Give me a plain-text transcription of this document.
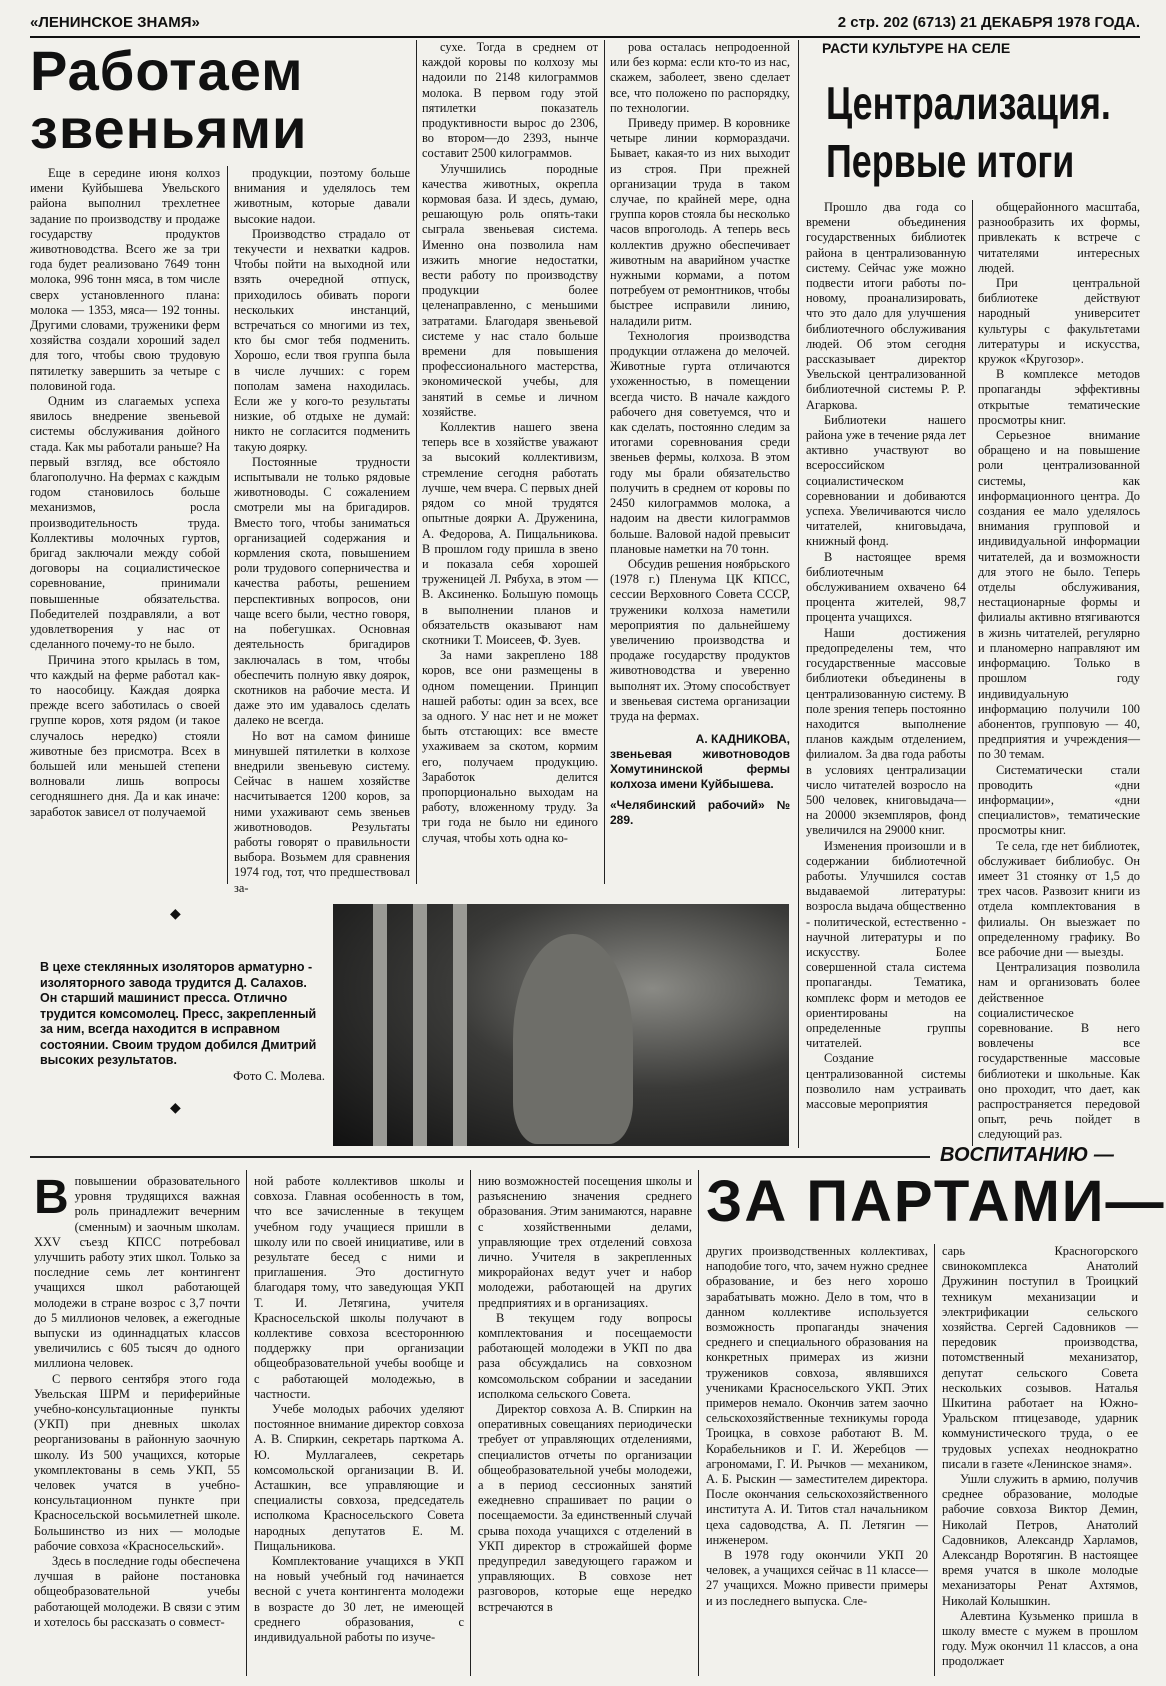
«ЛЕНИНСКОЕ ЗНАМЯ»	2 стр. 202 (6713) 21 ДЕКАБРЯ 1978 ГОДА.
Работаем
звеньями

Еще в середине июня колхоз имени Куйбышева Увельского района выполнил трехлетнее задание по производству и продаже государству продуктов животноводства. Всего же за три года будет реализовано 7649 тонн молока, 996 тонн мяса, в том числе сверх установленного плана: молока — 1353, мяса— 192 тонны. Другими словами, труженики ферм хозяйства создали хороший задел для того, чтобы свою трудовую пятилетку завершить за четыре с половиной года.

Одним из слагаемых успеха явилось внедрение звеньевой системы обслуживания дойного стада. Как мы работали раньше? На первый взгляд, все обстояло благополучно. На фермах с каждым годом становилось больше механизмов, росла производительность труда. Коллективы молочных гуртов, бригад заключали между собой договоры на социалистическое соревнование, принимали повышенные обязательства. Победителей поздравляли, а вот удовлетворения у нас от сделанного почему-то не было.

Причина этого крылась в том, что каждый на ферме работал как-то наособицу. Каждая доярка прежде всего заботилась о своей группе коров, хотя рядом (и такое случалось нередко) стояли животные без присмотра. Всех в большей или меньшей степени волновали лишь вопросы сегодняшнего дня. Да и как иначе: заработок зависел от получаемой

продукции, поэтому больше внимания и уделялось тем животным, которые давали высокие надои.

Производство страдало от текучести и нехватки кадров. Чтобы пойти на выходной или взять очередной отпуск, приходилось обивать пороги нескольких инстанций, встречаться со многими из тех, кто бы смог тебя подменить. Хорошо, если твоя группа была в числе лучших: с горем пополам замена находилась. Если же у кого-то результаты низкие, об отдыхе не думай: никто не согласится подменить такую доярку.

Постоянные трудности испытывали не только рядовые животноводы. С сожалением смотрели мы на бригадиров. Вместо того, чтобы заниматься организацией содержания и кормления скота, повышением роли трудового соперничества и качества работы, решением перспективных вопросов, они чаще всего были, честно говоря, на побегушках. Основная деятельность бригадиров заключалась в том, чтобы обеспечить полную явку доярок, скотников на рабочие места. И даже это им удавалось сделать далеко не всегда.

Но вот на самом финише минувшей пятилетки в колхозе внедрили звеньевую систему. Сейчас в нашем хозяйстве насчитывается 1200 коров, за ними ухаживают семь звеньев животноводов. Результаты работы говорят о правильности выбора. Возьмем для сравнения 1974 год, тот, что предшествовал за-

сухе. Тогда в среднем от каждой коровы по колхозу мы надоили по 2148 килограммов молока. В первом году этой пятилетки показатель продуктивности вырос до 2306, во втором—до 2393, нынче составит 2500 килограммов.

Улучшились породные качества животных, окрепла кормовая база. И здесь, думаю, решающую роль опять-таки сыграла звеньевая система. Именно она позволила нам изжить многие недостатки, вести работу по производству продукции более целенаправленно, с меньшими затратами. Благодаря звеньевой системе у нас стало больше времени для повышения профессионального мастерства, экономической учебы, для занятий в семье и личном хозяйстве.

Коллектив нашего звена теперь все в хозяйстве уважают за высокий коллективизм, стремление сегодня работать лучше, чем вчера. С первых дней рядом со мной трудятся опытные доярки А. Друженина, А. Федорова, А. Пищальникова. В прошлом году пришла в звено и показала себя хорошей труженицей Л. Рябуха, в этом — В. Аксиненко. Большую помощь в выполнении планов и обязательств оказывают нам скотники Т. Моисеев, Ф. Зуев.

За нами закреплено 188 коров, все они размещены в одном помещении. Принцип нашей работы: один за всех, все за одного. У нас нет и не может быть отстающих: все вместе ухаживаем за скотом, кормим его, получаем продукцию. Заработок делится пропорционально выходам на работу, вложенному труду. За три года не было ни единого случая, чтобы хоть одна ко-

рова осталась непродоенной или без корма: если кто-то из нас, скажем, заболеет, звено сделает все, что положено по распорядку, по технологии.

Приведу пример. В коровнике четыре линии кормораздачи. Бывает, какая-то из них выходит из строя. При прежней организации труда в таком случае, по крайней мере, одна группа коров стояла бы несколько часов впроголодь. А теперь весь коллектив дружно обеспечивает животным на аварийном участке нужными кормами, а потом потребуем от ремонтников, чтобы быстрее исправили линию, наладили ритм.

Технология производства продукции отлажена до мелочей. Животные гурта отличаются ухоженностью, в помещении всегда чисто. В начале каждого рабочего дня советуемся, что и как сделать, постоянно следим за итогами соревнования среди звеньев фермы, колхоза. В этом году мы брали обязательство получить в среднем от коровы по 2450 килограммов молока, а надоим на двести килограммов больше. Валовой надой превысит плановые наметки на 70 тонн.

Обсудив решения ноябрьского (1978 г.) Пленума ЦК КПСС, сессии Верховного Совета СССР, труженики колхоза наметили мероприятия по дальнейшему увеличению производства и продаже государству продуктов животноводства и уверенно выполнят их. Этому способствует и звеньевая система организации труда на фермах.

А. КАДНИКОВА,
звеньевая животноводов Хомутининской фермы колхоза имени Куйбышева.
«Челябинский рабочий» № 289.
◆
В цехе стеклянных изоляторов арматурно - изоляторного завода трудится Д. Салахов.
Он старший машинист пресса. Отлично трудится комсомолец. Пресс, закрепленный за ним, всегда находится в исправном состоянии. Своим трудом добился Дмитрий высоких результатов.
Фото С. Молева.
◆
РАСТИ КУЛЬТУРЕ НА СЕЛЕ
Централизация.
Первые итоги

Прошло два года со времени объединения государственных библиотек района в централизованную систему. Сейчас уже можно подвести итоги работы по-новому, проанализировать, что это дало для улучшения библиотечного обслуживания людей. Об этом сегодня рассказывает директор Увельской централизованной библиотечной системы Р. Р. Агаркова.

Библиотеки нашего района уже в течение ряда лет активно участвуют во всероссийском социалистическом соревновании и добиваются успеха. Увеличиваются число читателей, книговыдача, книжный фонд.

В настоящее время библиотечным обслуживанием охвачено 64 процента жителей, 98,7 процента учащихся.

Наши достижения предопределены тем, что государственные массовые библиотеки объединены в централизованную систему. В поле зрения теперь постоянно находится выполнение планов каждым отделением, филиалом. За два года работы в условиях централизации число читателей возросло на 500 человек, книговыдача— на 20000 экземпляров, фонд увеличился на 29000 книг.

Изменения произошли и в содержании библиотечной работы. Улучшился состав выдаваемой литературы: возросла выдача общественно - политической, естественно - научной литературы и по искусству. Более совершенной стала система пропаганды. Тематика, комплекс форм и методов ее ориентированы на определенные группы читателей.

Создание централизованной системы позволило нам устраивать массовые мероприятия

общерайонного масштаба, разнообразить их формы, привлекать к встрече с читателями интересных людей.

При центральной библиотеке действуют народный университет культуры с факультетами литературы и искусства, кружок «Кругозор».

В комплексе методов пропаганды эффективны открытые тематические просмотры книг.

Серьезное внимание обращено и на повышение роли централизованной системы, как информационного центра. До создания ее мало уделялось внимания групповой и индивидуальной информации читателей, да и возможности для этого не было. Теперь отделы обслуживания, нестационарные формы и филиалы активно втягиваются в жизнь читателей, регулярно и планомерно направляют им информацию. Только в прошлом году индивидуальную информацию получили 100 абонентов, групповую — 40, предприятия и учреждения—по 30 темам.

Систематически стали проводить «дни информации», «дни специалистов», тематические просмотры книг.

Те села, где нет библиотек, обслуживает библиобус. Он имеет 31 стоянку от 1,5 до трех часов. Развозит книги из отдела комплектования в филиалы. Он выезжает по определенному графику. Во все рабочие дни — выезды.

Централизация позволила нам и организовать более действенное социалистическое соревнование. В него вовлечены все государственные массовые библиотеки и школьные. Как оно проходит, что дает, как распространяется передовой опыт, речь пойдет в следующий раз.

ВОСПИТАНИЮ —
ЗА ПАРТАМИ—
В повышении образовательного уровня трудящихся важная роль принадлежит вечерним (сменным) и заочным школам. XXV съезд КПСС потребовал улучшить работу этих школ. Только за последние семь лет контингент учащихся школ работающей молодежи в стране возрос с 3,7 почти до 5 миллионов человек, а ежегодные выпуски из одиннадцатых классов увеличились с 605 тысяч до одного миллиона человек.

С первого сентября этого года Увельская ШРМ и периферийные учебно-консультационные пункты (УКП) при дневных школах реорганизованы в районную заочную школу. Из 500 учащихся, которые укомплектованы в семь УКП, 55 человек учатся в учебно-консультационном пункте при Красносельской восьмилетней школе. Большинство из них — молодые рабочие совхоза «Красносельский».

Здесь в последние годы обеспечена лучшая в районе постановка общеобразовательной учебы работающей молодежи. В связи с этим и хотелось бы рассказать о совмест-

ной работе коллективов школы и совхоза. Главная особенность в том, что все зачисленные в текущем учебном году учащиеся пришли в школу или по своей инициативе, или в результате бесед с ними и приглашения. Это достигнуто благодаря тому, что заведующая УКП Т. И. Летягина, учителя Красносельской школы получают в коллективе совхоза всестороннюю поддержку при организации общеобразовательной учебы вообще и с работающей молодежью, в частности.

Учебе молодых рабочих уделяют постоянное внимание директор совхоза А. В. Спиркин, секретарь парткома А. Ю. Муллагалеев, секретарь комсомольской организации В. И. Асташкин, все управляющие и специалисты совхоза, председатель исполкома Красносельского Совета народных депутатов Е. М. Пищальникова.

Комплектование учащихся в УКП на новый учебный год начинается весной с учета контингента молодежи в возрасте до 30 лет, не имеющей среднего образования, с индивидуальной работы по изуче-

нию возможностей посещения школы и разъяснению значения среднего образования. Этим занимаются, наравне с хозяйственными делами, управляющие трех отделений совхоза лично. Учителя в закрепленных микрорайонах ведут учет и набор молодежи, работающей на других предприятиях и в организациях.

В текущем году вопросы комплектования и посещаемости работающей молодежи в УКП по два раза обсуждались на совхозном комсомольском собрании и заседании исполкома сельского Совета.

Директор совхоза А. В. Спиркин на оперативных совещаниях периодически требует от управляющих отделениями, специалистов отчеты по организации общеобразовательной учебы молодежи, а в период сессионных занятий ежедневно спрашивает по рации о посещаемости. За единственный случай срыва похода учащихся с отделений в УКП директор в строжайшей форме предупредил заведующего гаражом и управляющих. В совхозе нет разговоров, которые еще нередко встречаются в

других производственных коллективах, наподобие того, что, зачем нужно среднее образование, и без него хорошо зарабатывать можно. Дело в том, что в данном коллективе используется возможность пропаганды значения среднего и специального образования на конкретных примерах из жизни тружеников совхоза, являвшихся учениками Красносельского УКП. Этих примеров немало. Окончив затем заочно сельскохозяйственные техникумы города Троицка, в совхозе работают В. М. Корабельников и Г. И. Жеребцов — агрономами, Г. И. Рычков — механиком, А. Б. Рыскин — заместителем директора. После окончания сельскохозяйственного института А. И. Титов стал начальником цеха садоводства, А. П. Летягин — инженером.

В 1978 году окончили УКП 20 человек, а учащихся сейчас в 11 классе—27 учащихся. Можно привести примеры и из последнего выпуска. Сле-

сарь Красногорского свинокомплекса Анатолий Дружинин поступил в Троицкий техникум механизации и электрификации сельского хозяйства. Сергей Садовников — передовик производства, потомственный механизатор, депутат сельского Совета нескольких созывов. Наталья Шкитина работает на Южно-Уральском птицезаводе, ударник коммунистического труда, о ее трудовых успехах неоднократно писали в газете «Ленинское знамя».

Ушли служить в армию, получив среднее образование, молодые рабочие совхоза Виктор Демин, Николай Петров, Анатолий Садовников, Александр Харламов, Александр Воротягин. В настоящее время учатся в школе молодые механизаторы Ренат Ахтямов, Николай Колышкин.

Алевтина Кузьменко пришла в школу вместе с мужем в прошлом году. Муж окончил 11 классов, а она продолжает
